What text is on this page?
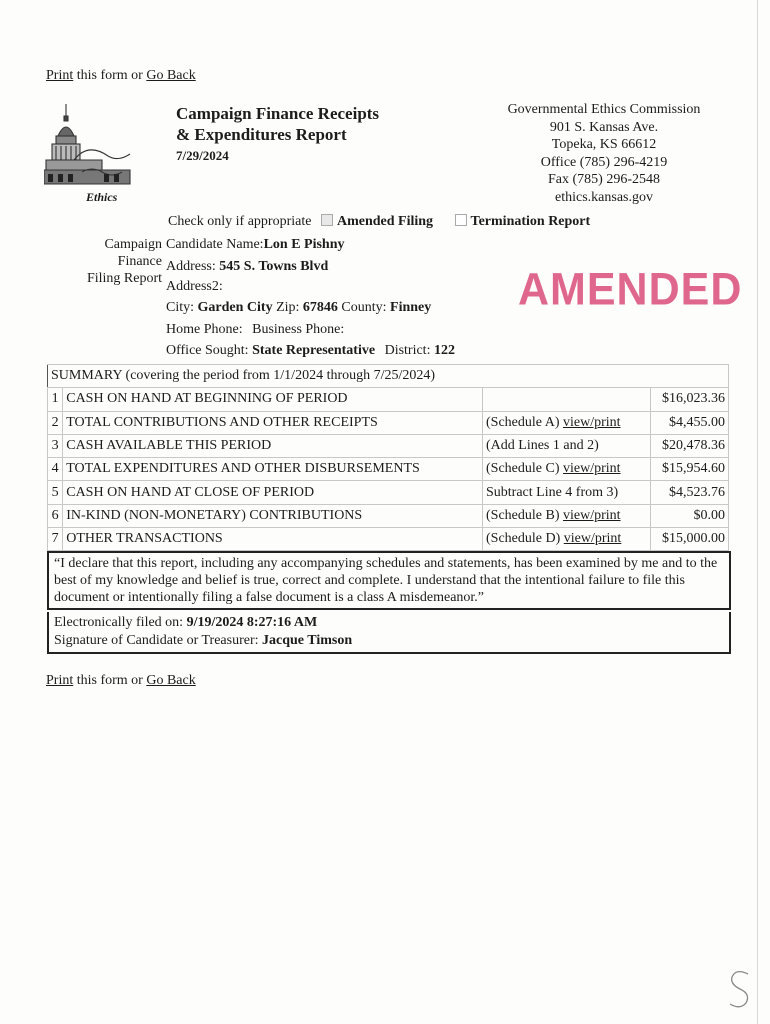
Print this form or Go Back
Ethics
Campaign Finance Receipts
& Expenditures Report
7/29/2024
Governmental Ethics Commission
901 S. Kansas Ave.
Topeka, KS 66612
Office (785) 296-4219
Fax (785) 296-2548
ethics.kansas.gov
Check only if appropriate Amended Filing	Termination Report
Campaign
Finance
Filing Report
Candidate Name:Lon E Pishny
Address: 545 S. Towns Blvd
Address2:
City: Garden City Zip: 67846 County: Finney
Home Phone: Business Phone:
Office Sought: State Representative District: 122
AMENDED
SUMMARY (covering the period from 1/1/2024 through 7/25/2024)			
1	CASH ON HAND AT BEGINNING OF PERIOD		$16,023.36
2	TOTAL CONTRIBUTIONS AND OTHER RECEIPTS	(Schedule A) view/print	$4,455.00
3	CASH AVAILABLE THIS PERIOD	(Add Lines 1 and 2)	$20,478.36
4	TOTAL EXPENDITURES AND OTHER DISBURSEMENTS	(Schedule C) view/print	$15,954.60
5	CASH ON HAND AT CLOSE OF PERIOD	Subtract Line 4 from 3)	$4,523.76
6	IN-KIND (NON-MONETARY) CONTRIBUTIONS	(Schedule B) view/print	$0.00
7	OTHER TRANSACTIONS	(Schedule D) view/print	$15,000.00
“I declare that this report, including any accompanying schedules and statements, has been examined by me and to the best of my knowledge and belief is true, correct and complete. I understand that the intentional failure to file this document or intentionally filing a false document is a class A misdemeanor.”
Electronically filed on: 9/19/2024 8:27:16 AM
Signature of Candidate or Treasurer: Jacque Timson
Print this form or Go Back
